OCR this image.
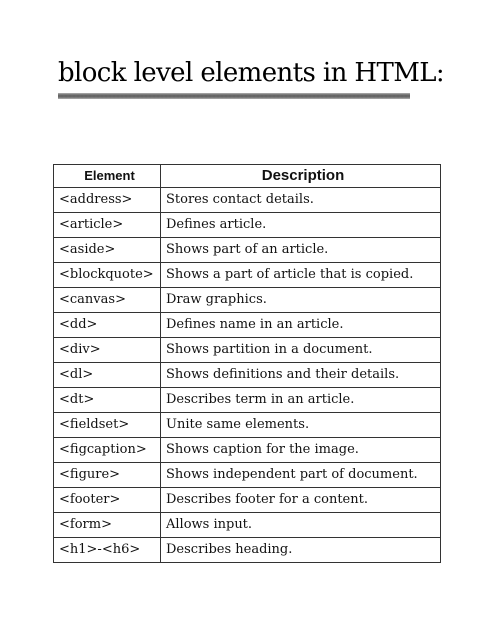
block level elements in HTML:
Element	Description
<address>	Stores contact details.
<article>	Defines article.
<aside>	Shows part of an article.
<blockquote>	Shows a part of article that is copied.
<canvas>	Draw graphics.
<dd>	Defines name in an article.
<div>	Shows partition in a document.
<dl>	Shows definitions and their details.
<dt>	Describes term in an article.
<fieldset>	Unite same elements.
<figcaption>	Shows caption for the image.
<figure>	Shows independent part of document.
<footer>	Describes footer for a content.
<form>	Allows input.
<h1>-<h6>	Describes heading.
